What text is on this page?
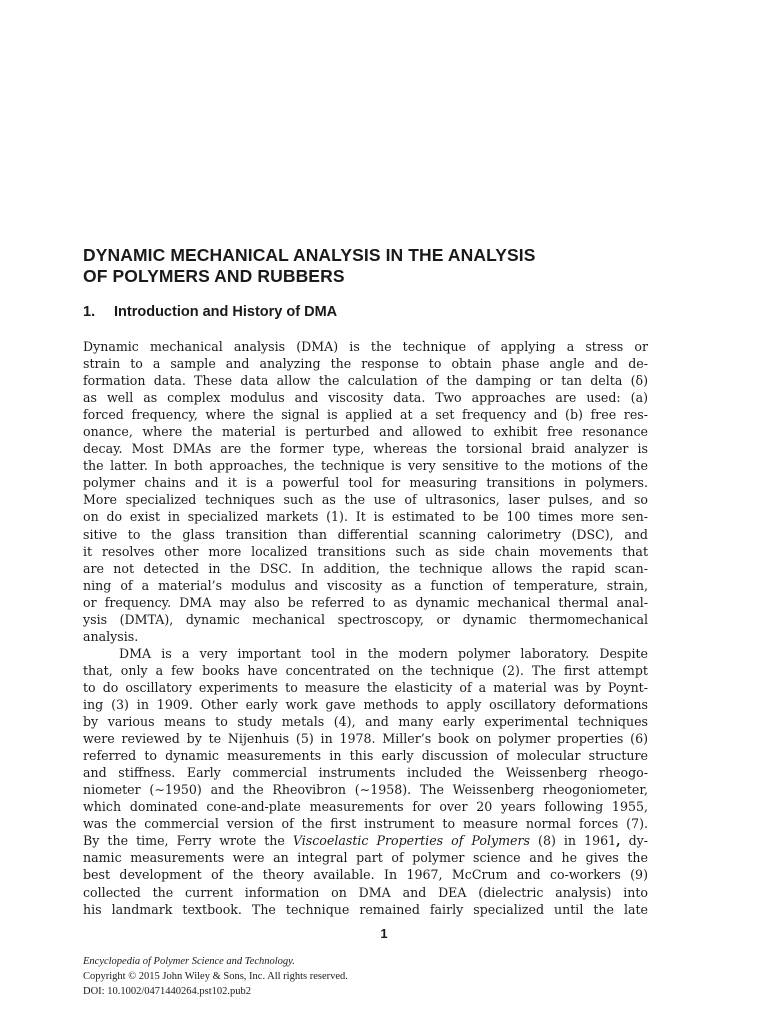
DYNAMIC MECHANICAL ANALYSIS IN THE ANALYSIS
OF POLYMERS AND RUBBERS
1. Introduction and History of DMA
Dynamic mechanical analysis (DMA) is the technique of applying a stress or
strain to a sample and analyzing the response to obtain phase angle and de-
formation data. These data allow the calculation of the damping or tan delta (δ)
as well as complex modulus and viscosity data. Two approaches are used: (a)
forced frequency, where the signal is applied at a set frequency and (b) free res-
onance, where the material is perturbed and allowed to exhibit free resonance
decay. Most DMAs are the former type, whereas the torsional braid analyzer is
the latter. In both approaches, the technique is very sensitive to the motions of the
polymer chains and it is a powerful tool for measuring transitions in polymers.
More specialized techniques such as the use of ultrasonics, laser pulses, and so
on do exist in specialized markets (1). It is estimated to be 100 times more sen-
sitive to the glass transition than differential scanning calorimetry (DSC), and
it resolves other more localized transitions such as side chain movements that
are not detected in the DSC. In addition, the technique allows the rapid scan-
ning of a material’s modulus and viscosity as a function of temperature, strain,
or frequency. DMA may also be referred to as dynamic mechanical thermal anal-
ysis (DMTA), dynamic mechanical spectroscopy, or dynamic thermomechanical
analysis.
DMA is a very important tool in the modern polymer laboratory. Despite
that, only a few books have concentrated on the technique (2). The first attempt
to do oscillatory experiments to measure the elasticity of a material was by Poynt-
ing (3) in 1909. Other early work gave methods to apply oscillatory deformations
by various means to study metals (4), and many early experimental techniques
were reviewed by te Nijenhuis (5) in 1978. Miller’s book on polymer properties (6)
referred to dynamic measurements in this early discussion of molecular structure
and stiffness. Early commercial instruments included the Weissenberg rheogo-
niometer (∼1950) and the Rheovibron (∼1958). The Weissenberg rheogoniometer,
which dominated cone-and-plate measurements for over 20 years following 1955,
was the commercial version of the first instrument to measure normal forces (7).
By the time, Ferry wrote the Viscoelastic Properties of Polymers (8) in 1961, dy-
namic measurements were an integral part of polymer science and he gives the
best development of the theory available. In 1967, McCrum and co-workers (9)
collected the current information on DMA and DEA (dielectric analysis) into
his landmark textbook. The technique remained fairly specialized until the late
1
Encyclopedia of Polymer Science and Technology.
Copyright © 2015 John Wiley & Sons, Inc. All rights reserved.
DOI: 10.1002/0471440264.pst102.pub2
